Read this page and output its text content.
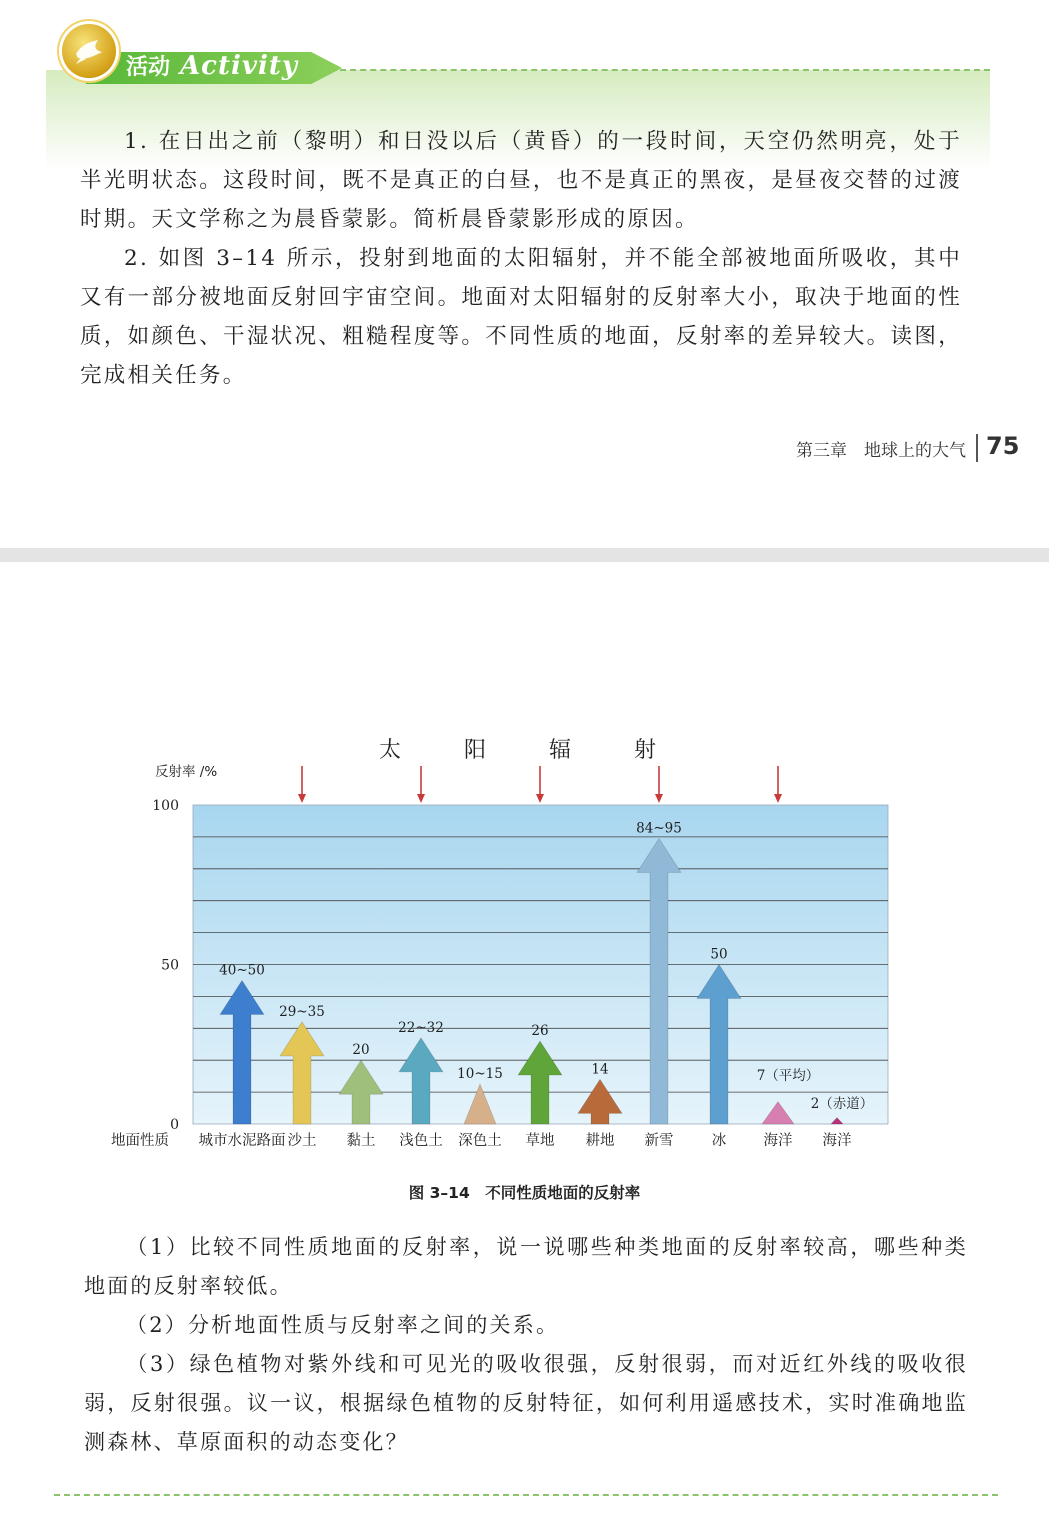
活动 Activity

1. 在日出之前（黎明）和日没以后（黄昏）的一段时间，天空仍然明亮，处于半光明状态。这段时间，既不是真正的白昼，也不是真正的黑夜，是昼夜交替的过渡时期。天文学称之为晨昏蒙影。简析晨昏蒙影形成的原因。

2. 如图 3–14 所示，投射到地面的太阳辐射，并不能全部被地面所吸收，其中又有一部分被地面反射回宇宙空间。地面对太阳辐射的反射率大小，取决于地面的性质，如颜色、干湿状况、粗糙程度等。不同性质的地面，反射率的差异较大。读图，完成相关任务。

第三章　地球上的大气 75
太 阳 辐 射
100
50
0
反射率 /%
地面性质
40~50
城市水泥路面
29~35
沙土
20
黏土
22~32
浅色土
10~15
深色土
26
草地
14
耕地
84~95
新雪
50
冰
7（平均）
海洋
2（赤道）
海洋
图 3–14　不同性质地面的反射率

（1）比较不同性质地面的反射率，说一说哪些种类地面的反射率较高，哪些种类地面的反射率较低。

（2）分析地面性质与反射率之间的关系。

（3）绿色植物对紫外线和可见光的吸收很强，反射很弱，而对近红外线的吸收很弱，反射很强。议一议，根据绿色植物的反射特征，如何利用遥感技术，实时准确地监测森林、草原面积的动态变化？
